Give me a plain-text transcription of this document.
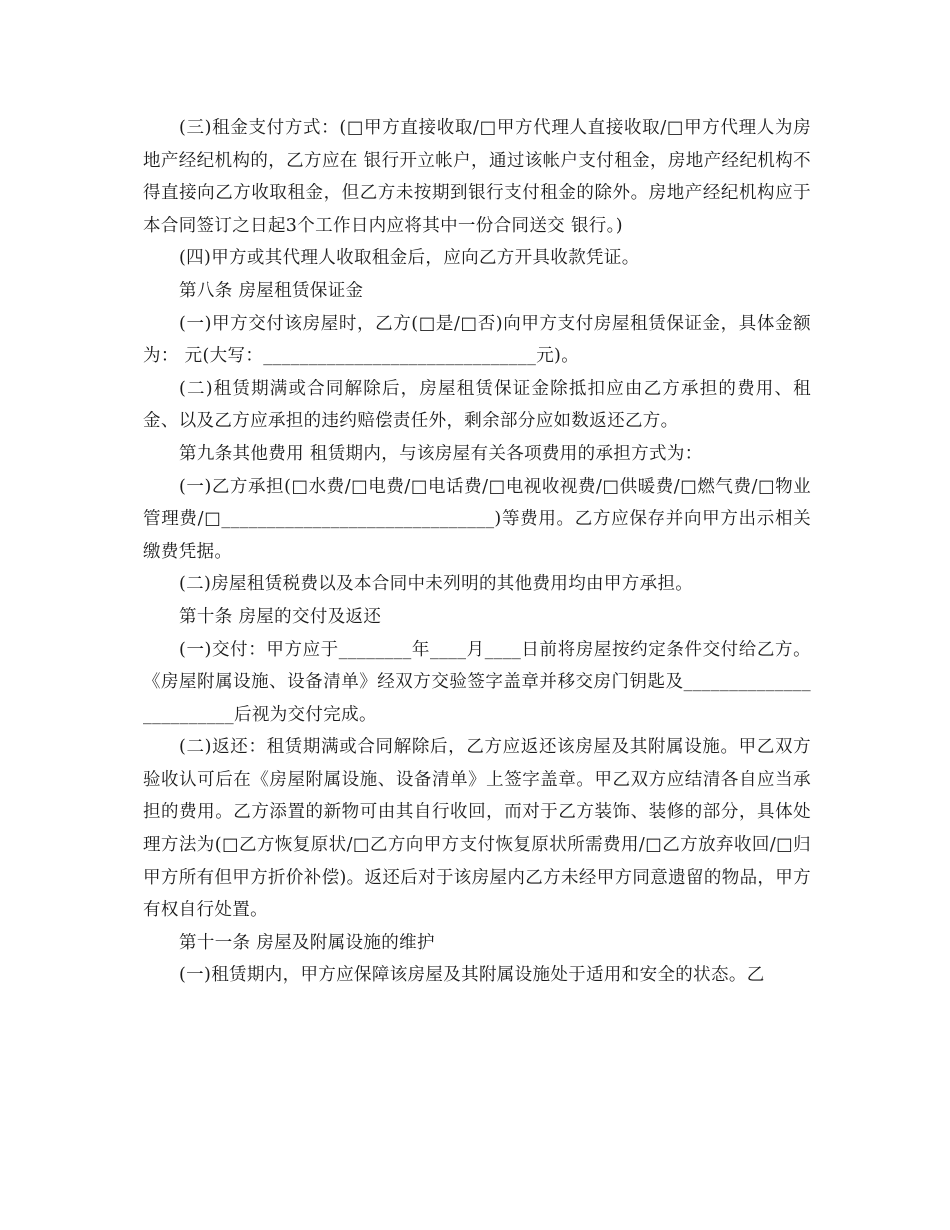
(三)租金支付方式：(□甲方直接收取/□甲方代理人直接收取/□甲方代理人为房地产经纪机构的，乙方应在 银行开立帐户，通过该帐户支付租金，房地产经纪机构不得直接向乙方收取租金，但乙方未按期到银行支付租金的除外。房地产经纪机构应于本合同签订之日起3个工作日内应将其中一份合同送交 银行。)

(四)甲方或其代理人收取租金后，应向乙方开具收款凭证。

第八条 房屋租赁保证金

(一)甲方交付该房屋时，乙方(□是/□否)向甲方支付房屋租赁保证金，具体金额为： 元(大写：______________________________元)。

(二)租赁期满或合同解除后，房屋租赁保证金除抵扣应由乙方承担的费用、租金、以及乙方应承担的违约赔偿责任外，剩余部分应如数返还乙方。

第九条其他费用 租赁期内，与该房屋有关各项费用的承担方式为：

(一)乙方承担(□水费/□电费/□电话费/□电视收视费/□供暖费/□燃气费/□物业管理费/□______________________________)等费用。乙方应保存并向甲方出示相关缴费凭据。

(二)房屋租赁税费以及本合同中未列明的其他费用均由甲方承担。

第十条 房屋的交付及返还

(一)交付：甲方应于________年____月____日前将房屋按约定条件交付给乙方。《房屋附属设施、设备清单》经双方交验签字盖章并移交房门钥匙及________________________后视为交付完成。

(二)返还：租赁期满或合同解除后，乙方应返还该房屋及其附属设施。甲乙双方验收认可后在《房屋附属设施、设备清单》上签字盖章。甲乙双方应结清各自应当承担的费用。乙方添置的新物可由其自行收回，而对于乙方装饰、装修的部分，具体处理方法为(□乙方恢复原状/□乙方向甲方支付恢复原状所需费用/□乙方放弃收回/□归甲方所有但甲方折价补偿)。返还后对于该房屋内乙方未经甲方同意遗留的物品，甲方有权自行处置。

第十一条 房屋及附属设施的维护

(一)租赁期内，甲方应保障该房屋及其附属设施处于适用和安全的状态。乙
